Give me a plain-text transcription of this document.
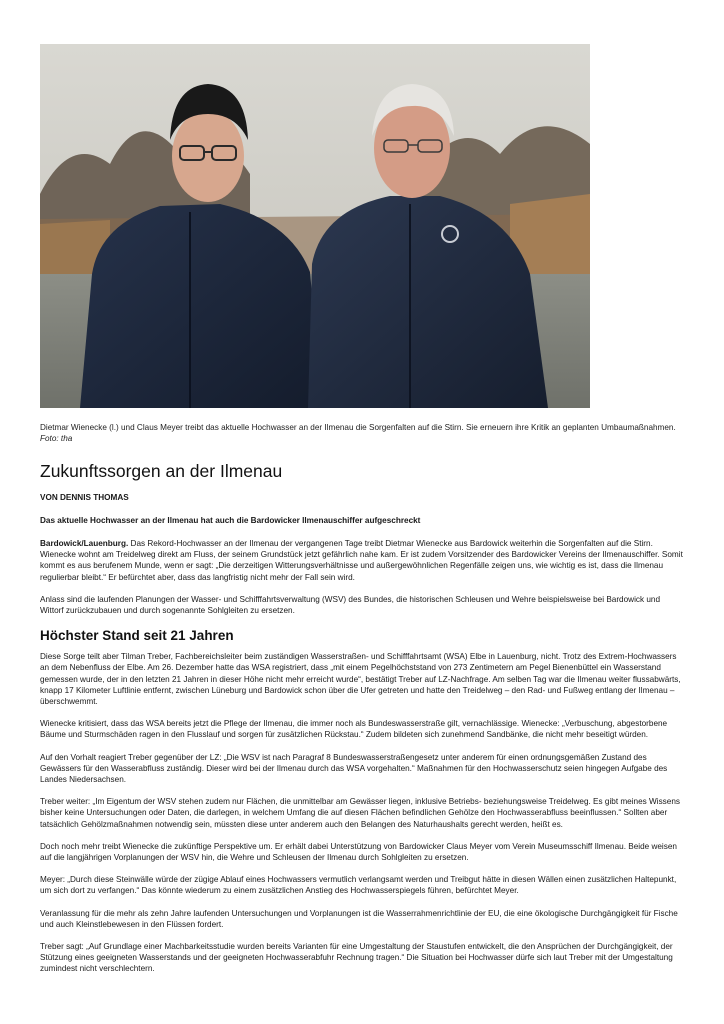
Dietmar Wienecke (l.) und Claus Meyer treibt das aktuelle Hochwasser an der Ilmenau die Sorgenfalten auf die Stirn. Sie erneuern ihre Kritik an geplanten Umbaumaßnahmen.
Foto: tha
Zukunftssorgen an der Ilmenau

VON DENNIS THOMAS

Das aktuelle Hochwasser an der Ilmenau hat auch die Bardowicker Ilmenauschiffer aufgeschreckt

Bardowick/Lauenburg. Das Rekord-Hochwasser an der Ilmenau der vergangenen Tage treibt Dietmar Wienecke aus Bardowick weiterhin die Sorgenfalten auf die Stirn. Wienecke wohnt am Treidelweg direkt am Fluss, der seinem Grundstück jetzt gefährlich nahe kam. Er ist zudem Vorsitzender des Bardowicker Vereins der Ilmenauschiffer. Somit kommt es aus berufenem Munde, wenn er sagt: „Die derzeitigen Witterungsverhältnisse und außergewöhnlichen Regenfälle zeigen uns, wie wichtig es ist, dass die Ilmenau regulierbar bleibt.“ Er befürchtet aber, dass das langfristig nicht mehr der Fall sein wird.

Anlass sind die laufenden Planungen der Wasser- und Schifffahrtsverwaltung (WSV) des Bundes, die historischen Schleusen und Wehre beispielsweise bei Bardowick und Wittorf zurückzubauen und durch sogenannte Sohlgleiten zu ersetzen.

Höchster Stand seit 21 Jahren

Diese Sorge teilt aber Tilman Treber, Fachbereichsleiter beim zuständigen Wasserstraßen- und Schifffahrtsamt (WSA) Elbe in Lauenburg, nicht. Trotz des Extrem-Hochwassers an dem Nebenfluss der Elbe. Am 26. Dezember hatte das WSA registriert, dass „mit einem Pegelhöchststand von 273 Zentimetern am Pegel Bienenbüttel ein Wasserstand gemessen wurde, der in den letzten 21 Jahren in dieser Höhe nicht mehr erreicht wurde“, bestätigt Treber auf LZ-Nachfrage. Am selben Tag war die Ilmenau weiter flussabwärts, knapp 17 Kilometer Luftlinie entfernt, zwischen Lüneburg und Bardowick schon über die Ufer getreten und hatte den Treidelweg – den Rad- und Fußweg entlang der Ilmenau – überschwemmt.

Wienecke kritisiert, dass das WSA bereits jetzt die Pflege der Ilmenau, die immer noch als Bundeswasserstraße gilt, vernachlässige. Wienecke: „Verbuschung, abgestorbene Bäume und Sturmschäden ragen in den Flusslauf und sorgen für zusätzlichen Rückstau.“ Zudem bildeten sich zunehmend Sandbänke, die nicht mehr beseitigt würden.

Auf den Vorhalt reagiert Treber gegenüber der LZ: „Die WSV ist nach Paragraf 8 Bundeswasserstraßengesetz unter anderem für einen ordnungsgemäßen Zustand des Gewässers für den Wasserabfluss zuständig. Dieser wird bei der Ilmenau durch das WSA vorgehalten.“ Maßnahmen für den Hochwasserschutz seien hingegen Aufgabe des Landes Niedersachsen.

Treber weiter: „Im Eigentum der WSV stehen zudem nur Flächen, die unmittelbar am Gewässer liegen, inklusive Betriebs- beziehungsweise Treidelweg. Es gibt meines Wissens bisher keine Untersuchungen oder Daten, die darlegen, in welchem Umfang die auf diesen Flächen befindlichen Gehölze den Hochwasserabfluss beeinflussen.“ Sollten aber tatsächlich Gehölzmaßnahmen notwendig sein, müssten diese unter anderem auch den Belangen des Naturhaushalts gerecht werden, heißt es.

Doch noch mehr treibt Wienecke die zukünftige Perspektive um. Er erhält dabei Unterstützung von Bardowicker Claus Meyer vom Verein Museumsschiff Ilmenau. Beide weisen auf die langjährigen Vorplanungen der WSV hin, die Wehre und Schleusen der Ilmenau durch Sohlgleiten zu ersetzen.

Meyer: „Durch diese Steinwälle würde der zügige Ablauf eines Hochwassers vermutlich verlangsamt werden und Treibgut hätte in diesen Wällen einen zusätzlichen Haltepunkt, um sich dort zu verfangen.“ Das könnte wiederum zu einem zusätzlichen Anstieg des Hochwasserspiegels führen, befürchtet Meyer.

Veranlassung für die mehr als zehn Jahre laufenden Untersuchungen und Vorplanungen ist die Wasserrahmenrichtlinie der EU, die eine ökologische Durchgängigkeit für Fische und auch Kleinstlebewesen in den Flüssen fordert.

Treber sagt: „Auf Grundlage einer Machbarkeitsstudie wurden bereits Varianten für eine Umgestaltung der Staustufen entwickelt, die den Ansprüchen der Durchgängigkeit, der Stützung eines geeigneten Wasserstands und der geeigneten Hochwasserabfuhr Rechnung tragen.“ Die Situation bei Hochwasser dürfe sich laut Treber mit der Umgestaltung zumindest nicht verschlechtern.
